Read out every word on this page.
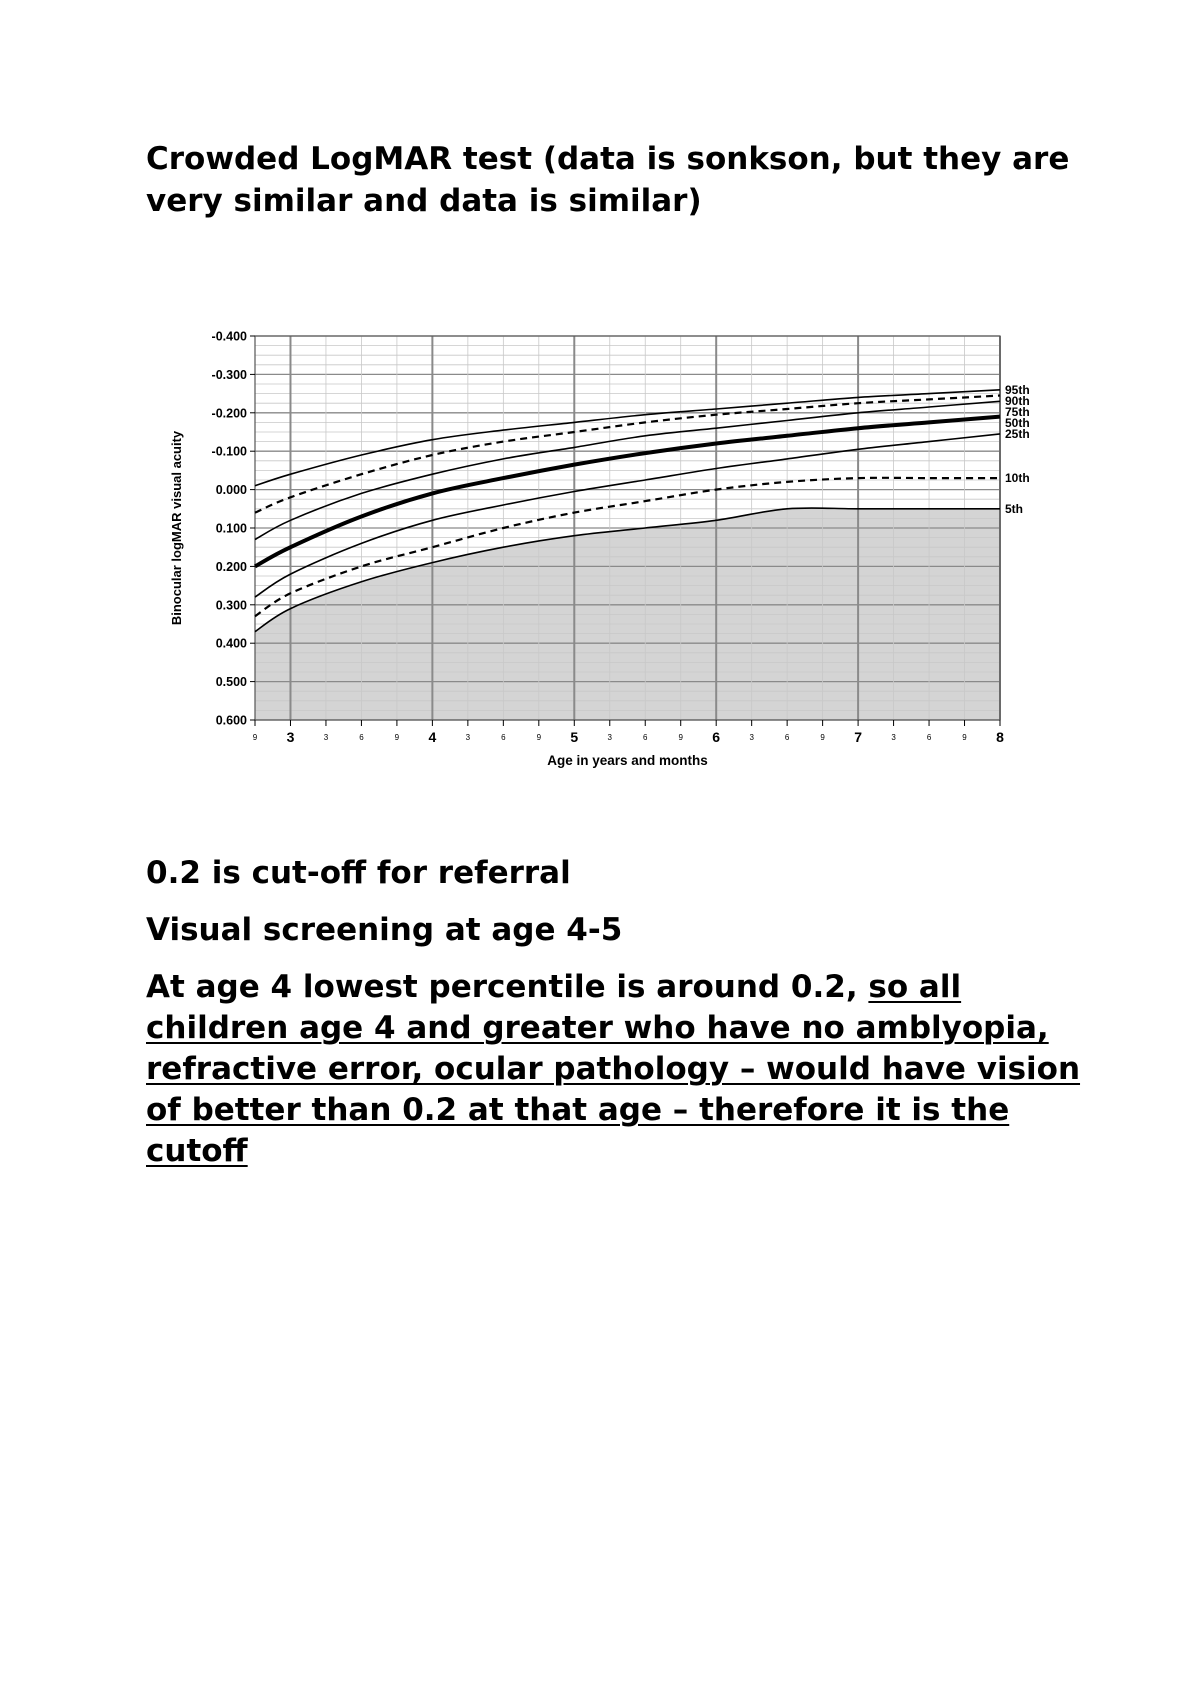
Crowded LogMAR test (data is sonkson, but they are very similar and data is similar)
95th
90th
75th
50th
25th
10th
5th
-0.400
-0.300
-0.200
-0.100
0.000
0.100
0.200
0.300
0.400
0.500
0.600
9	3	6	9	3	6	9	3	6	9	3	6	9	3	6	9
3	4	5	6	7	8
Age in years and months
Binocular logMAR visual acuity

0.2 is cut-off for referral

Visual screening at age 4-5

At age 4 lowest percentile is around 0.2, so all children age 4 and greater who have no amblyopia, refractive error, ocular pathology – would have vision of better than 0.2 at that age – therefore it is the cutoff
